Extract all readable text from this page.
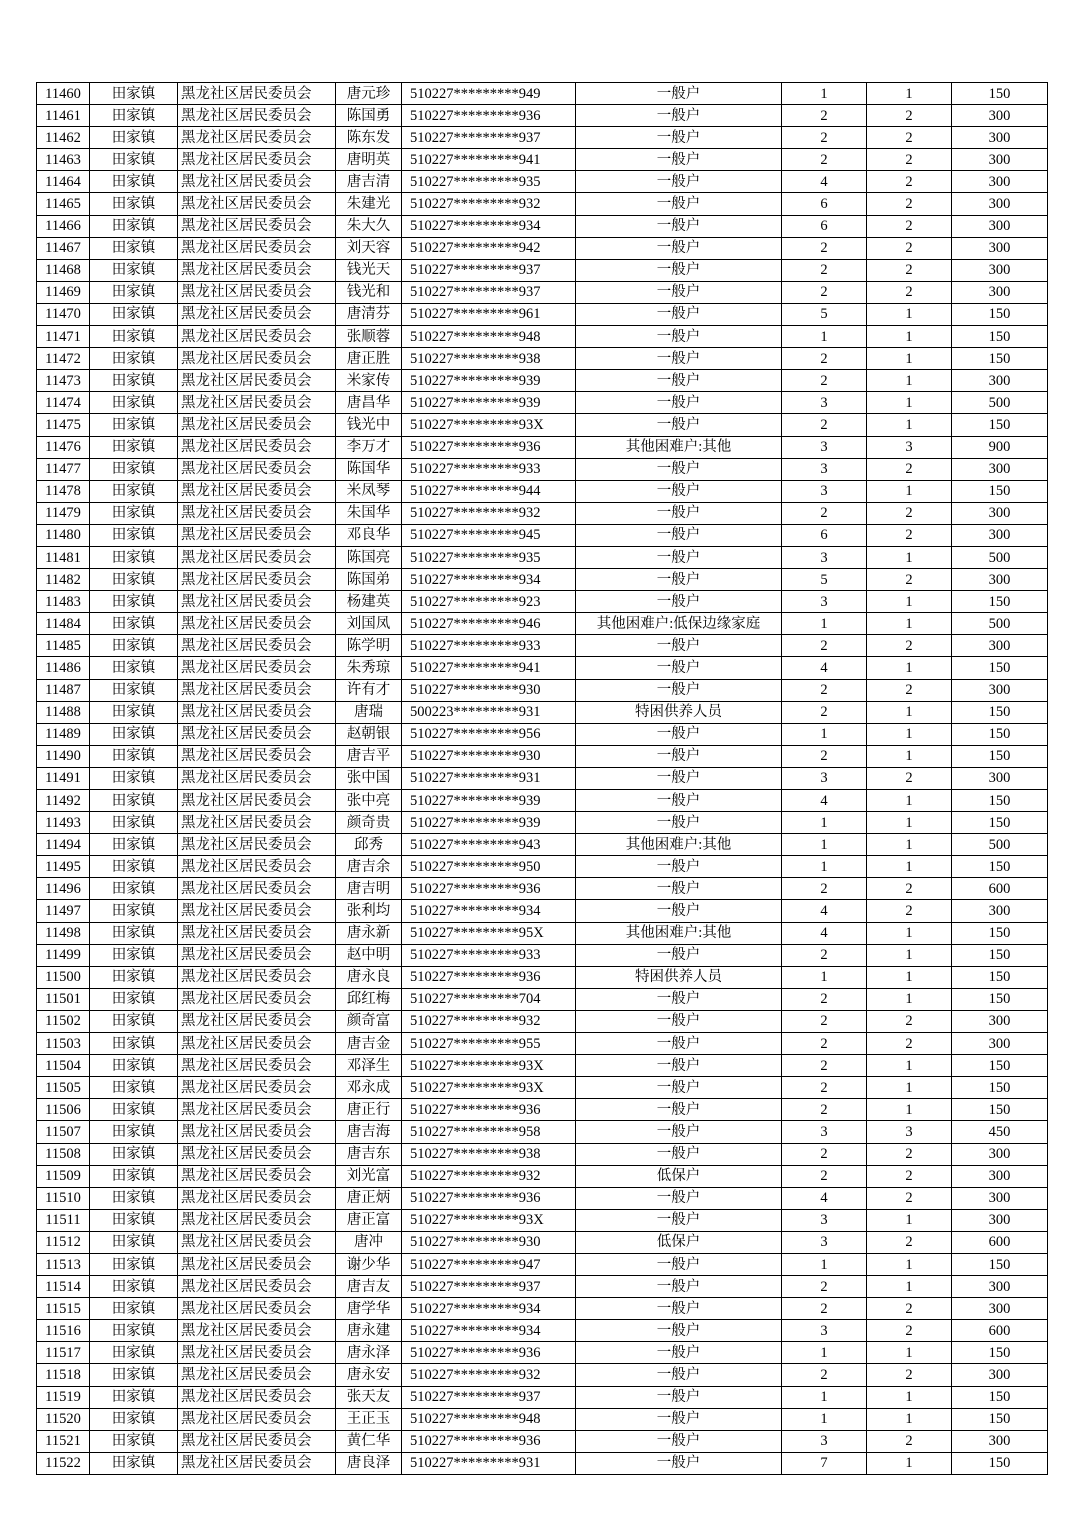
11460	田家镇	黑龙社区居民委员会	唐元珍	510227*********949	一般户	1	1	150
11461	田家镇	黑龙社区居民委员会	陈国勇	510227*********936	一般户	2	2	300
11462	田家镇	黑龙社区居民委员会	陈东发	510227*********937	一般户	2	2	300
11463	田家镇	黑龙社区居民委员会	唐明英	510227*********941	一般户	2	2	300
11464	田家镇	黑龙社区居民委员会	唐吉清	510227*********935	一般户	4	2	300
11465	田家镇	黑龙社区居民委员会	朱建光	510227*********932	一般户	6	2	300
11466	田家镇	黑龙社区居民委员会	朱大久	510227*********934	一般户	6	2	300
11467	田家镇	黑龙社区居民委员会	刘天容	510227*********942	一般户	2	2	300
11468	田家镇	黑龙社区居民委员会	钱光天	510227*********937	一般户	2	2	300
11469	田家镇	黑龙社区居民委员会	钱光和	510227*********937	一般户	2	2	300
11470	田家镇	黑龙社区居民委员会	唐清芬	510227*********961	一般户	5	1	150
11471	田家镇	黑龙社区居民委员会	张顺蓉	510227*********948	一般户	1	1	150
11472	田家镇	黑龙社区居民委员会	唐正胜	510227*********938	一般户	2	1	150
11473	田家镇	黑龙社区居民委员会	米家传	510227*********939	一般户	2	1	300
11474	田家镇	黑龙社区居民委员会	唐昌华	510227*********939	一般户	3	1	500
11475	田家镇	黑龙社区居民委员会	钱光中	510227*********93X	一般户	2	1	150
11476	田家镇	黑龙社区居民委员会	李万才	510227*********936	其他困难户:其他	3	3	900
11477	田家镇	黑龙社区居民委员会	陈国华	510227*********933	一般户	3	2	300
11478	田家镇	黑龙社区居民委员会	米凤琴	510227*********944	一般户	3	1	150
11479	田家镇	黑龙社区居民委员会	朱国华	510227*********932	一般户	2	2	300
11480	田家镇	黑龙社区居民委员会	邓良华	510227*********945	一般户	6	2	300
11481	田家镇	黑龙社区居民委员会	陈国亮	510227*********935	一般户	3	1	500
11482	田家镇	黑龙社区居民委员会	陈国弟	510227*********934	一般户	5	2	300
11483	田家镇	黑龙社区居民委员会	杨建英	510227*********923	一般户	3	1	150
11484	田家镇	黑龙社区居民委员会	刘国凤	510227*********946	其他困难户:低保边缘家庭	1	1	500
11485	田家镇	黑龙社区居民委员会	陈学明	510227*********933	一般户	2	2	300
11486	田家镇	黑龙社区居民委员会	朱秀琼	510227*********941	一般户	4	1	150
11487	田家镇	黑龙社区居民委员会	许有才	510227*********930	一般户	2	2	300
11488	田家镇	黑龙社区居民委员会	唐瑞	500223*********931	特困供养人员	2	1	150
11489	田家镇	黑龙社区居民委员会	赵朝银	510227*********956	一般户	1	1	150
11490	田家镇	黑龙社区居民委员会	唐吉平	510227*********930	一般户	2	1	150
11491	田家镇	黑龙社区居民委员会	张中国	510227*********931	一般户	3	2	300
11492	田家镇	黑龙社区居民委员会	张中亮	510227*********939	一般户	4	1	150
11493	田家镇	黑龙社区居民委员会	颜奇贵	510227*********939	一般户	1	1	150
11494	田家镇	黑龙社区居民委员会	邱秀	510227*********943	其他困难户:其他	1	1	500
11495	田家镇	黑龙社区居民委员会	唐吉余	510227*********950	一般户	1	1	150
11496	田家镇	黑龙社区居民委员会	唐吉明	510227*********936	一般户	2	2	600
11497	田家镇	黑龙社区居民委员会	张利均	510227*********934	一般户	4	2	300
11498	田家镇	黑龙社区居民委员会	唐永新	510227*********95X	其他困难户:其他	4	1	150
11499	田家镇	黑龙社区居民委员会	赵中明	510227*********933	一般户	2	1	150
11500	田家镇	黑龙社区居民委员会	唐永良	510227*********936	特困供养人员	1	1	150
11501	田家镇	黑龙社区居民委员会	邱红梅	510227*********704	一般户	2	1	150
11502	田家镇	黑龙社区居民委员会	颜奇富	510227*********932	一般户	2	2	300
11503	田家镇	黑龙社区居民委员会	唐吉金	510227*********955	一般户	2	2	300
11504	田家镇	黑龙社区居民委员会	邓泽生	510227*********93X	一般户	2	1	150
11505	田家镇	黑龙社区居民委员会	邓永成	510227*********93X	一般户	2	1	150
11506	田家镇	黑龙社区居民委员会	唐正行	510227*********936	一般户	2	1	150
11507	田家镇	黑龙社区居民委员会	唐吉海	510227*********958	一般户	3	3	450
11508	田家镇	黑龙社区居民委员会	唐吉东	510227*********938	一般户	2	2	300
11509	田家镇	黑龙社区居民委员会	刘光富	510227*********932	低保户	2	2	300
11510	田家镇	黑龙社区居民委员会	唐正炳	510227*********936	一般户	4	2	300
11511	田家镇	黑龙社区居民委员会	唐正富	510227*********93X	一般户	3	1	300
11512	田家镇	黑龙社区居民委员会	唐冲	510227*********930	低保户	3	2	600
11513	田家镇	黑龙社区居民委员会	谢少华	510227*********947	一般户	1	1	150
11514	田家镇	黑龙社区居民委员会	唐吉友	510227*********937	一般户	2	1	300
11515	田家镇	黑龙社区居民委员会	唐学华	510227*********934	一般户	2	2	300
11516	田家镇	黑龙社区居民委员会	唐永建	510227*********934	一般户	3	2	600
11517	田家镇	黑龙社区居民委员会	唐永泽	510227*********936	一般户	1	1	150
11518	田家镇	黑龙社区居民委员会	唐永安	510227*********932	一般户	2	2	300
11519	田家镇	黑龙社区居民委员会	张天友	510227*********937	一般户	1	1	150
11520	田家镇	黑龙社区居民委员会	王正玉	510227*********948	一般户	1	1	150
11521	田家镇	黑龙社区居民委员会	黄仁华	510227*********936	一般户	3	2	300
11522	田家镇	黑龙社区居民委员会	唐良泽	510227*********931	一般户	7	1	150
